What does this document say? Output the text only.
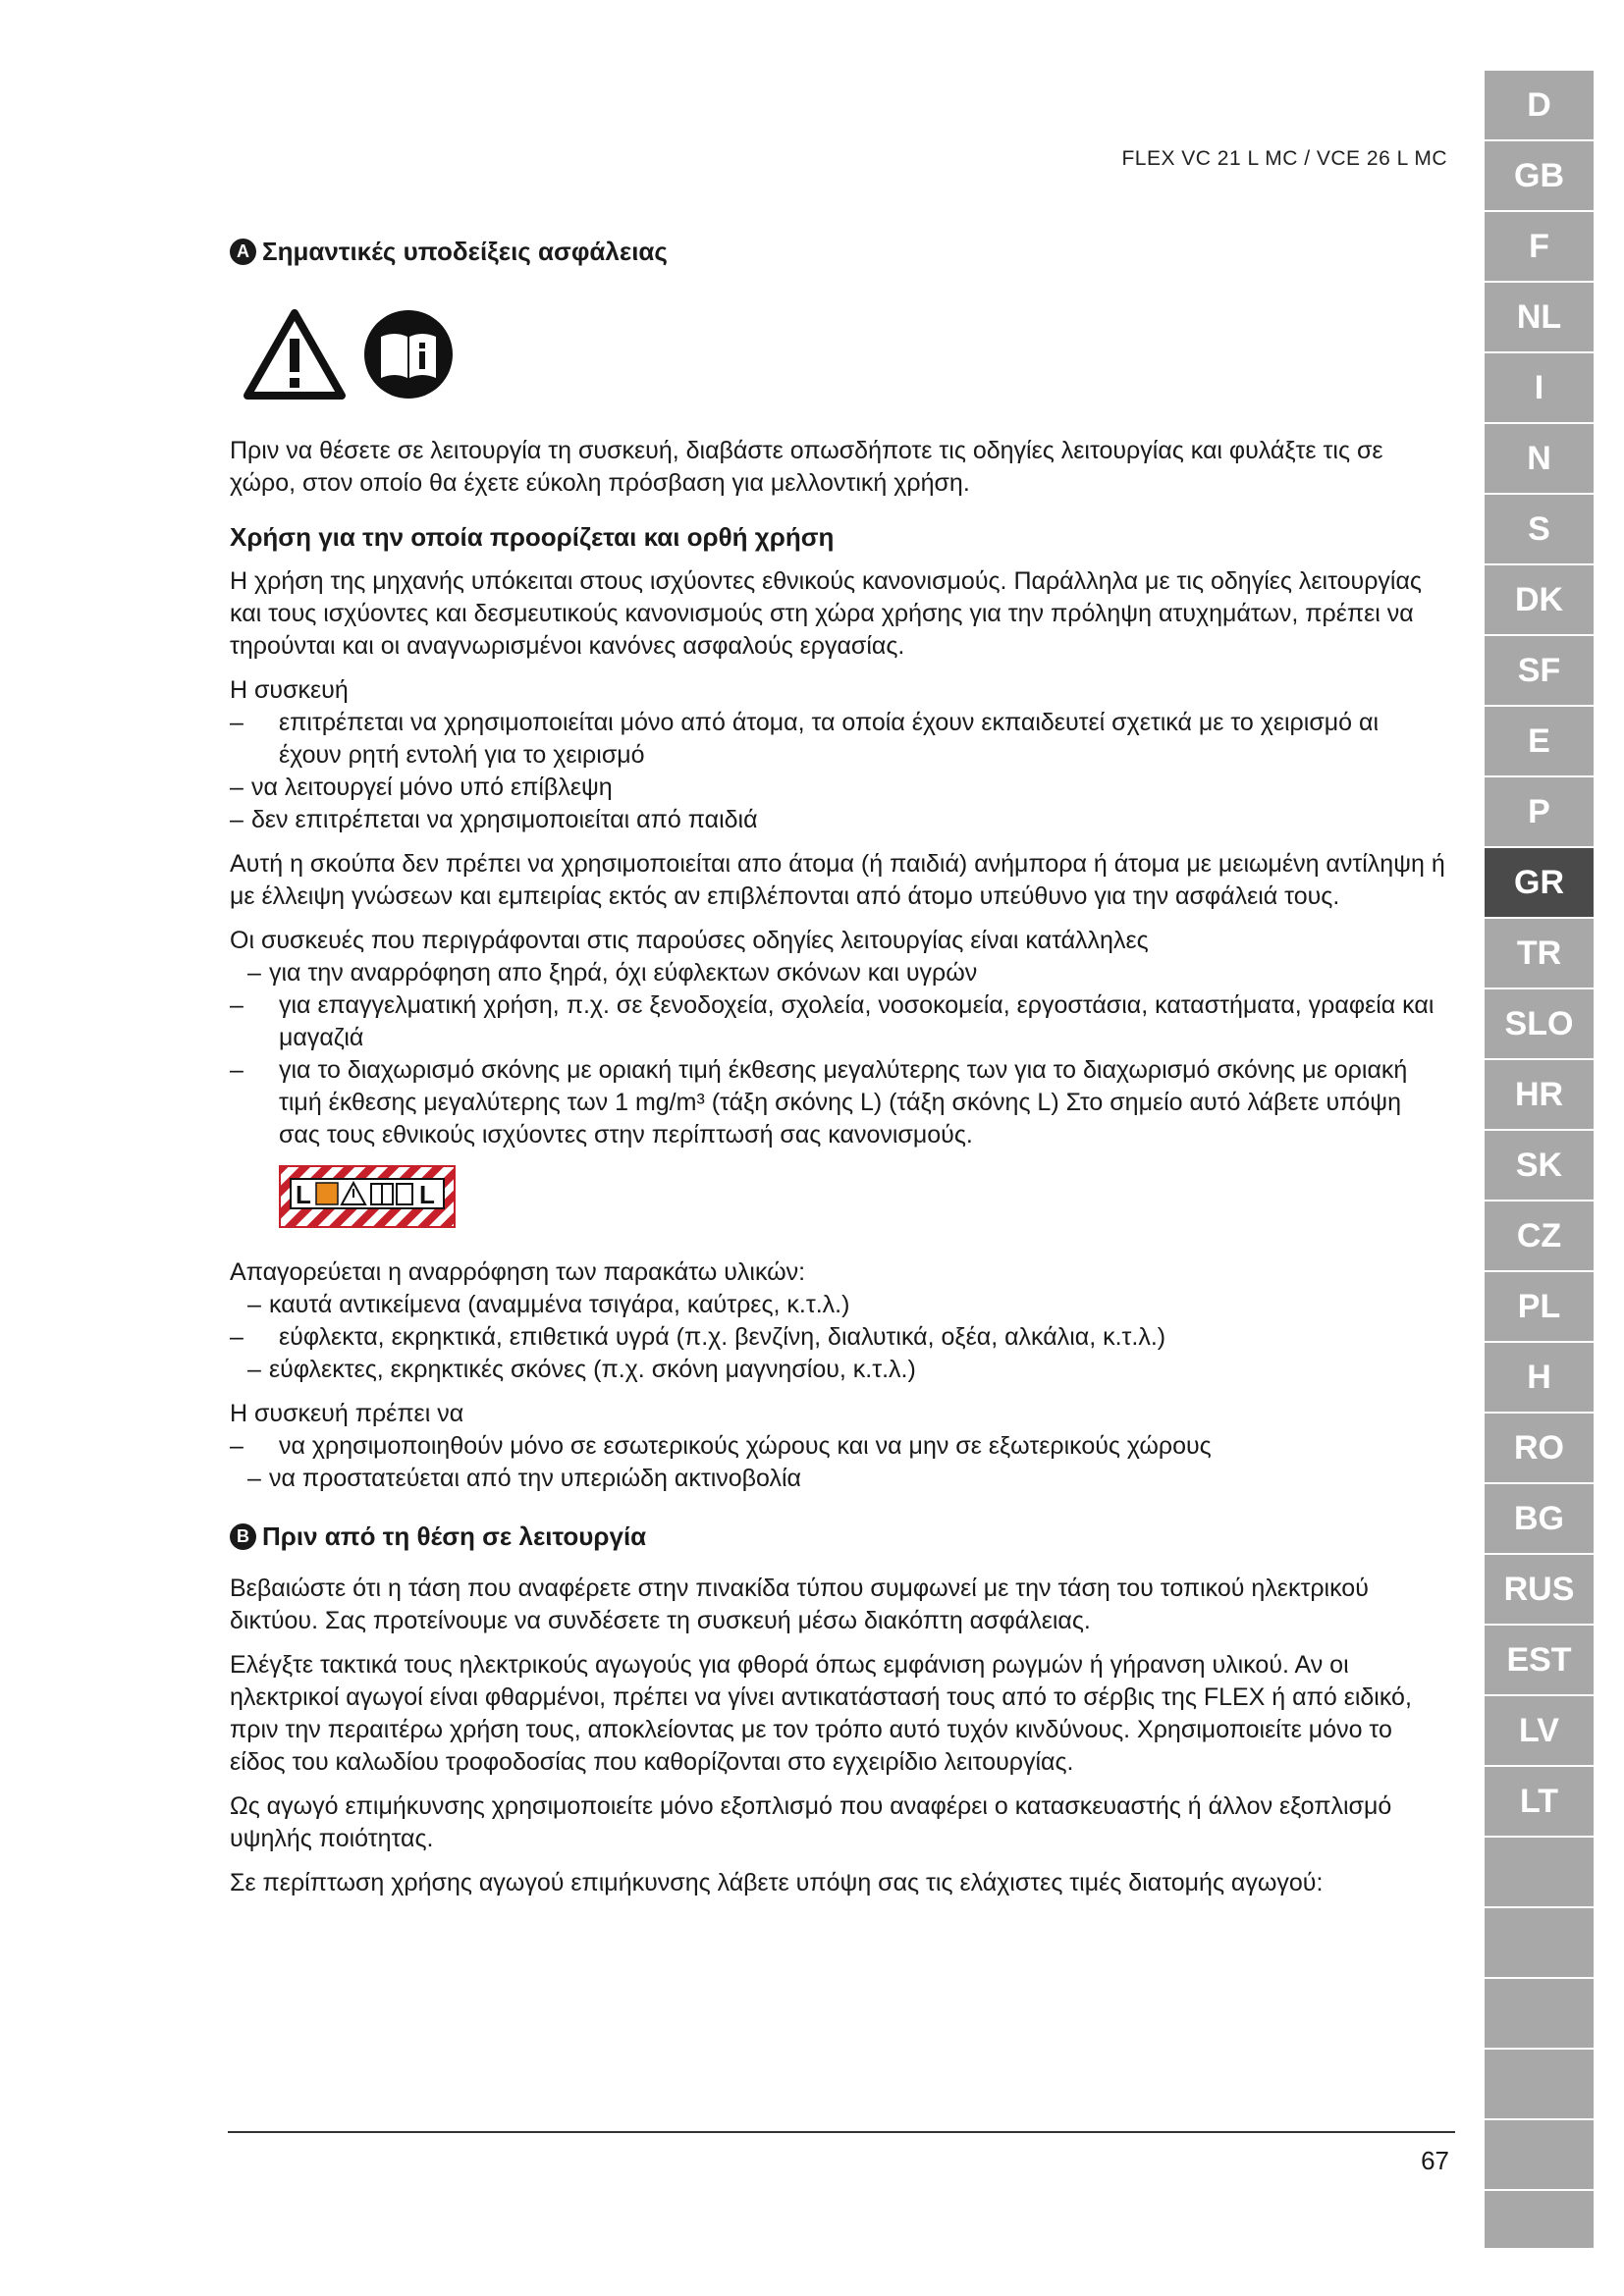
FLEX VC 21 L MC / VCE 26 L MC
A Σημαντικές υποδείξεις ασφάλειας

Πριν να θέσετε σε λειτουργία τη συσκευή, διαβάστε οπωσδήποτε τις οδηγίες λειτουργίας και φυλάξτε τις σε χώρο, στον οποίο θα έχετε εύκολη πρόσβαση για μελλοντική χρήση.

Χρήση για την οποία προορίζεται και ορθή χρήση

Η χρήση της μηχανής υπόκειται στους ισχύοντες εθνικούς κανονισμούς. Παράλληλα με τις οδηγίες λειτουργίας και τους ισχύοντες και δεσμευτικούς κανονισμούς στη χώρα χρήσης για την πρόληψη ατυχημάτων, πρέπει να τηρούνται και οι αναγνωρισμένοι κανόνες ασφαλούς εργασίας.

Η συσκευή

– επιτρέπεται να χρησιμοποιείται μόνο από άτομα, τα οποία έχουν εκπαιδευτεί σχετικά με το χειρισμό αι έχουν ρητή εντολή για το χειρισμό
– να λειτουργεί μόνο υπό επίβλεψη
– δεν επιτρέπεται να χρησιμοποιείται από παιδιά

Αυτή η σκούπα δεν πρέπει να χρησιμοποιείται απο άτομα (ή παιδιά) ανήμπορα ή άτομα με μειωμένη αντίληψη ή με έλλειψη γνώσεων και εμπειρίας εκτός αν επιβλέπονται από άτομο υπεύθυνο για την ασφάλειά τους.

Οι συσκευές που περιγράφονται στις παρούσες οδηγίες λειτουργίας είναι κατάλληλες

– για την αναρρόφηση απο ξηρά, όχι εύφλεκτων σκόνων και υγρών
– για επαγγελματική χρήση, π.χ. σε ξενοδοχεία, σχολεία, νοσοκομεία, εργοστάσια, καταστήματα, γραφεία και μαγαζιά
– για το διαχωρισμό σκόνης με οριακή τιμή έκθεσης μεγαλύτερης των για το διαχωρισμό σκόνης με οριακή τιμή έκθεσης μεγαλύτερης των 1 mg/m³ (τάξη σκόνης L) (τάξη σκόνης L) Στο σημείο αυτό λάβετε υπόψη σας τους εθνικούς ισχύοντες στην περίπτωσή σας κανονισμούς.
L	L

Απαγορεύεται η αναρρόφηση των παρακάτω υλικών:

– καυτά αντικείμενα (αναμμένα τσιγάρα, καύτρες, κ.τ.λ.)
– εύφλεκτα, εκρηκτικά, επιθετικά υγρά (π.χ. βενζίνη, διαλυτικά, οξέα, αλκάλια, κ.τ.λ.)
– εύφλεκτες, εκρηκτικές σκόνες (π.χ. σκόνη μαγνησίου, κ.τ.λ.)

Η συσκευή πρέπει να

– να χρησιμοποιηθούν μόνο σε εσωτερικούς χώρους και να μην σε εξωτερικούς χώρους
– να προστατεύεται από την υπεριώδη ακτινοβολία
B Πριν από τη θέση σε λειτουργία

Βεβαιώστε ότι η τάση που αναφέρετε στην πινακίδα τύπου συμφωνεί με την τάση του τοπικού ηλεκτρικού δικτύου. Σας προτείνουμε να συνδέσετε τη συσκευή μέσω διακόπτη ασφάλειας.

Ελέγξτε τακτικά τους ηλεκτρικούς αγωγούς για φθορά όπως εμφάνιση ρωγμών ή γήρανση υλικού. Αν οι ηλεκτρικοί αγωγοί είναι φθαρμένοι, πρέπει να γίνει αντικατάστασή τους από το σέρβις της FLEX ή από ειδικό, πριν την περαιτέρω χρήση τους, αποκλείοντας με τον τρόπο αυτό τυχόν κινδύνους. Χρησιμοποιείτε μόνο το είδος του καλωδίου τροφοδοσίας που καθορίζονται στο εγχειρίδιο λειτουργίας.

Ως αγωγό επιμήκυνσης χρησιμοποιείτε μόνο εξοπλισμό που αναφέρει ο κατασκευαστής ή άλλον εξοπλισμό υψηλής ποιότητας.

Σε περίπτωση χρήσης αγωγού επιμήκυνσης λάβετε υπόψη σας τις ελάχιστες τιμές διατομής αγωγού:

67
D
GB
F
NL
I
N
S
DK
SF
E
P
GR
TR
SLO
HR
SK
CZ
PL
H
RO
BG
RUS
EST
LV
LT
